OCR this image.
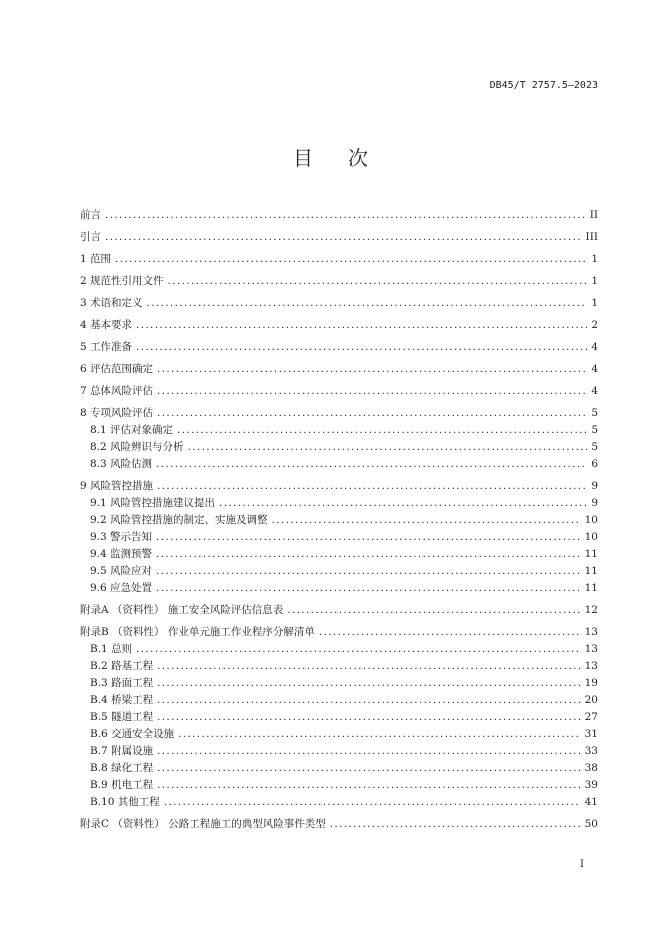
DB45/T 2757.5—2023
目 次
前言 . . .	II
引言 . . .	III
1 范围 . . .	1
2 规范性引用文件 . . .	1
3 术语和定义 . . .	1
4 基本要求 . . .	2
5 工作准备 . . .	4
6 评估范围确定 . . .	4
7 总体风险评估 . . .	4
8 专项风险评估 . . .	5
8.1 评估对象确定 . . .	5
8.2 风险辨识与分析 . . .	5
8.3 风险估测 . . .	6
9 风险管控措施 . . .	9
9.1 风险管控措施建议提出 . . .	9
9.2 风险管控措施的制定、实施及调整 . . .	10
9.3 警示告知 . . .	10
9.4 监测预警 . . .	11
9.5 风险应对 . . .	11
9.6 应急处置 . . .	11
附录A （资料性） 施工安全风险评估信息表 . . .	12
附录B （资料性） 作业单元施工作业程序分解清单 . . .	13
B.1 总则 . . .	13
B.2 路基工程 . . .	13
B.3 路面工程 . . .	19
B.4 桥梁工程 . . .	20
B.5 隧道工程 . . .	27
B.6 交通安全设施 . . .	31
B.7 附属设施 . . .	33
B.8 绿化工程 . . .	38
B.9 机电工程 . . .	39
B.10 其他工程 . . .	41
附录C （资料性） 公路工程施工的典型风险事件类型 . . .	50
I
